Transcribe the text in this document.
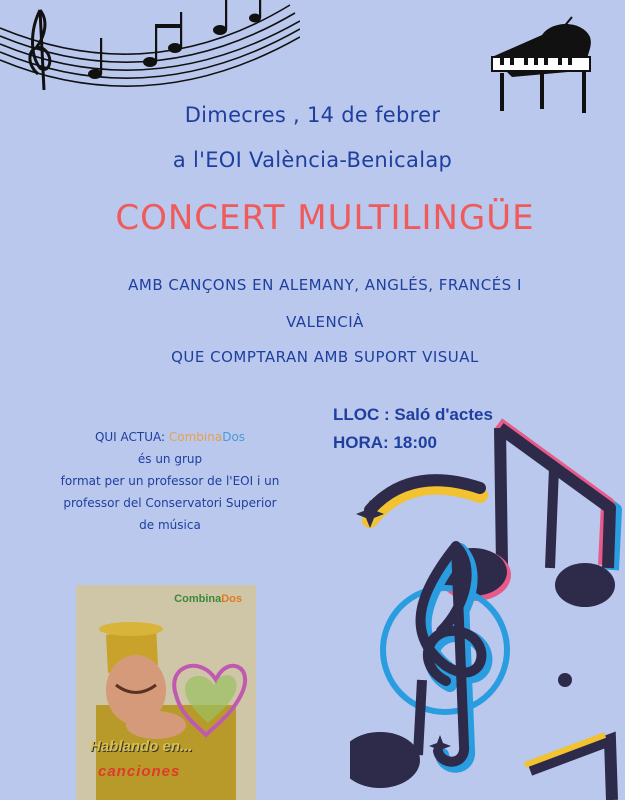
Dimecres , 14 de febrer
a l'EOI València-Benicalap
CONCERT MULTILINGÜE
AMB CANÇONS EN ALEMANY, ANGLÉS, FRANCÉS I
VALENCIÀ
QUE COMPTARAN AMB SUPORT VISUAL
LLOC : Saló d'actes
HORA: 18:00
QUI ACTUA: CombinaDos
és un grup
format per un professor de l'EOI i un
professor del Conservatori Superior
de música
CombinaDos
Hablando en...
canciones
